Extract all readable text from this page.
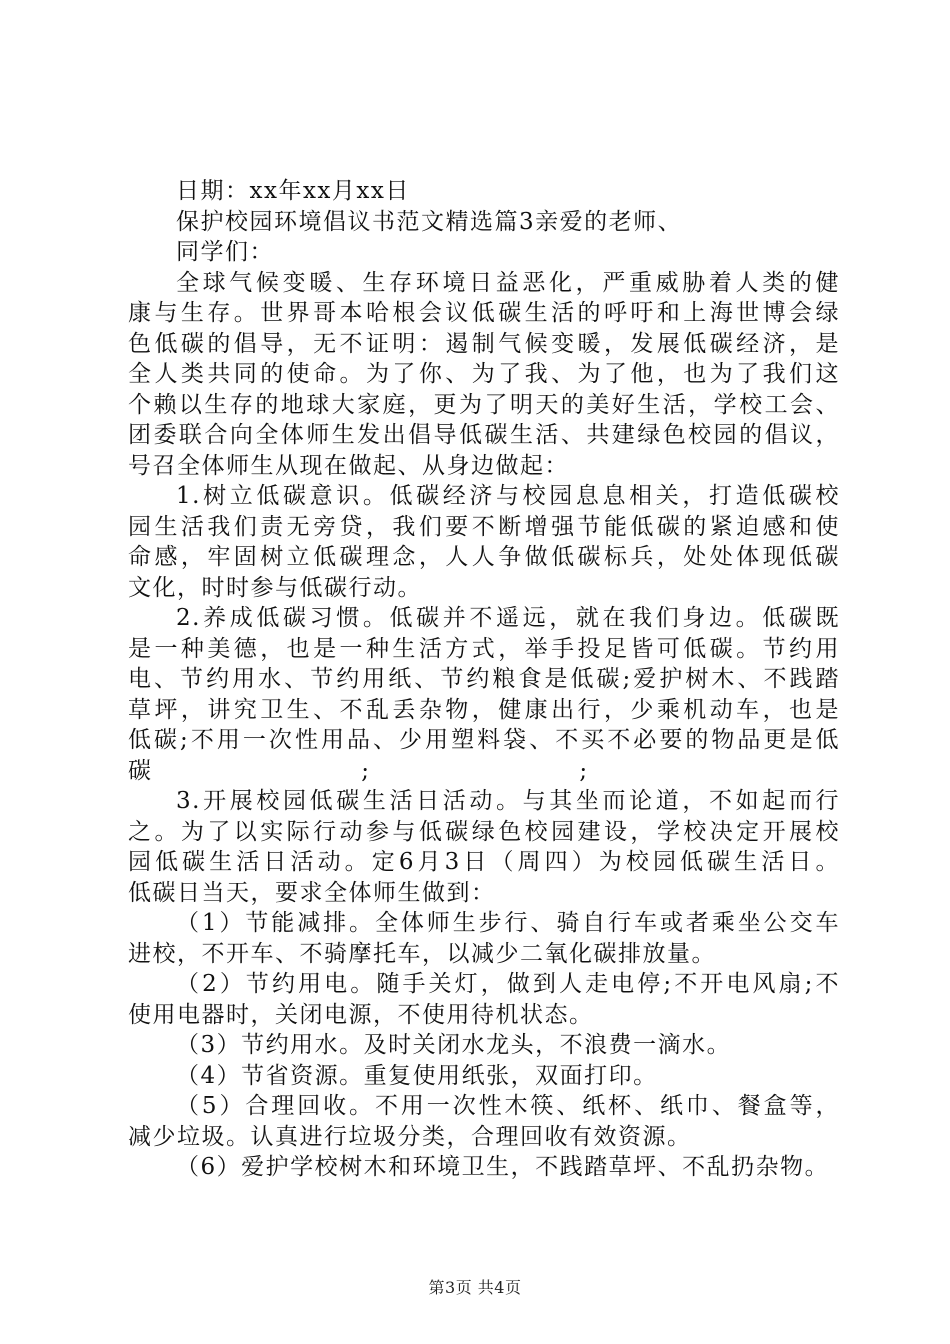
日期：xx年xx月xx日
保护校园环境倡议书范文精选篇3亲爱的老师、
同学们：
全球气候变暖、生存环境日益恶化，严重威胁着人类的健
康与生存。世界哥本哈根会议低碳生活的呼吁和上海世博会绿
色低碳的倡导，无不证明：遏制气候变暖，发展低碳经济，是
全人类共同的使命。为了你、为了我、为了他，也为了我们这
个赖以生存的地球大家庭，更为了明天的美好生活，学校工会、
团委联合向全体师生发出倡导低碳生活、共建绿色校园的倡议，
号召全体师生从现在做起、从身边做起：
1.树立低碳意识。低碳经济与校园息息相关，打造低碳校
园生活我们责无旁贷，我们要不断增强节能低碳的紧迫感和使
命感，牢固树立低碳理念，人人争做低碳标兵，处处体现低碳
文化，时时参与低碳行动。
2.养成低碳习惯。低碳并不遥远，就在我们身边。低碳既
是一种美德，也是一种生活方式，举手投足皆可低碳。节约用
电、节约用水、节约用纸、节约粮食是低碳;爱护树木、不践踏
草坪，讲究卫生、不乱丢杂物，健康出行，少乘机动车，也是
低碳;不用一次性用品、少用塑料袋、不买不必要的物品更是低
碳 ; ;
3.开展校园低碳生活日活动。与其坐而论道，不如起而行
之。为了以实际行动参与低碳绿色校园建设，学校决定开展校
园低碳生活日活动。定6月3日（周四）为校园低碳生活日。
低碳日当天，要求全体师生做到：
（1）节能减排。全体师生步行、骑自行车或者乘坐公交车
进校，不开车、不骑摩托车，以减少二氧化碳排放量。
（2）节约用电。随手关灯，做到人走电停;不开电风扇;不
使用电器时，关闭电源，不使用待机状态。
（3）节约用水。及时关闭水龙头，不浪费一滴水。
（4）节省资源。重复使用纸张，双面打印。
（5）合理回收。不用一次性木筷、纸杯、纸巾、餐盒等，
减少垃圾。认真进行垃圾分类，合理回收有效资源。
（6）爱护学校树木和环境卫生，不践踏草坪、不乱扔杂物。
第3页 共4页
